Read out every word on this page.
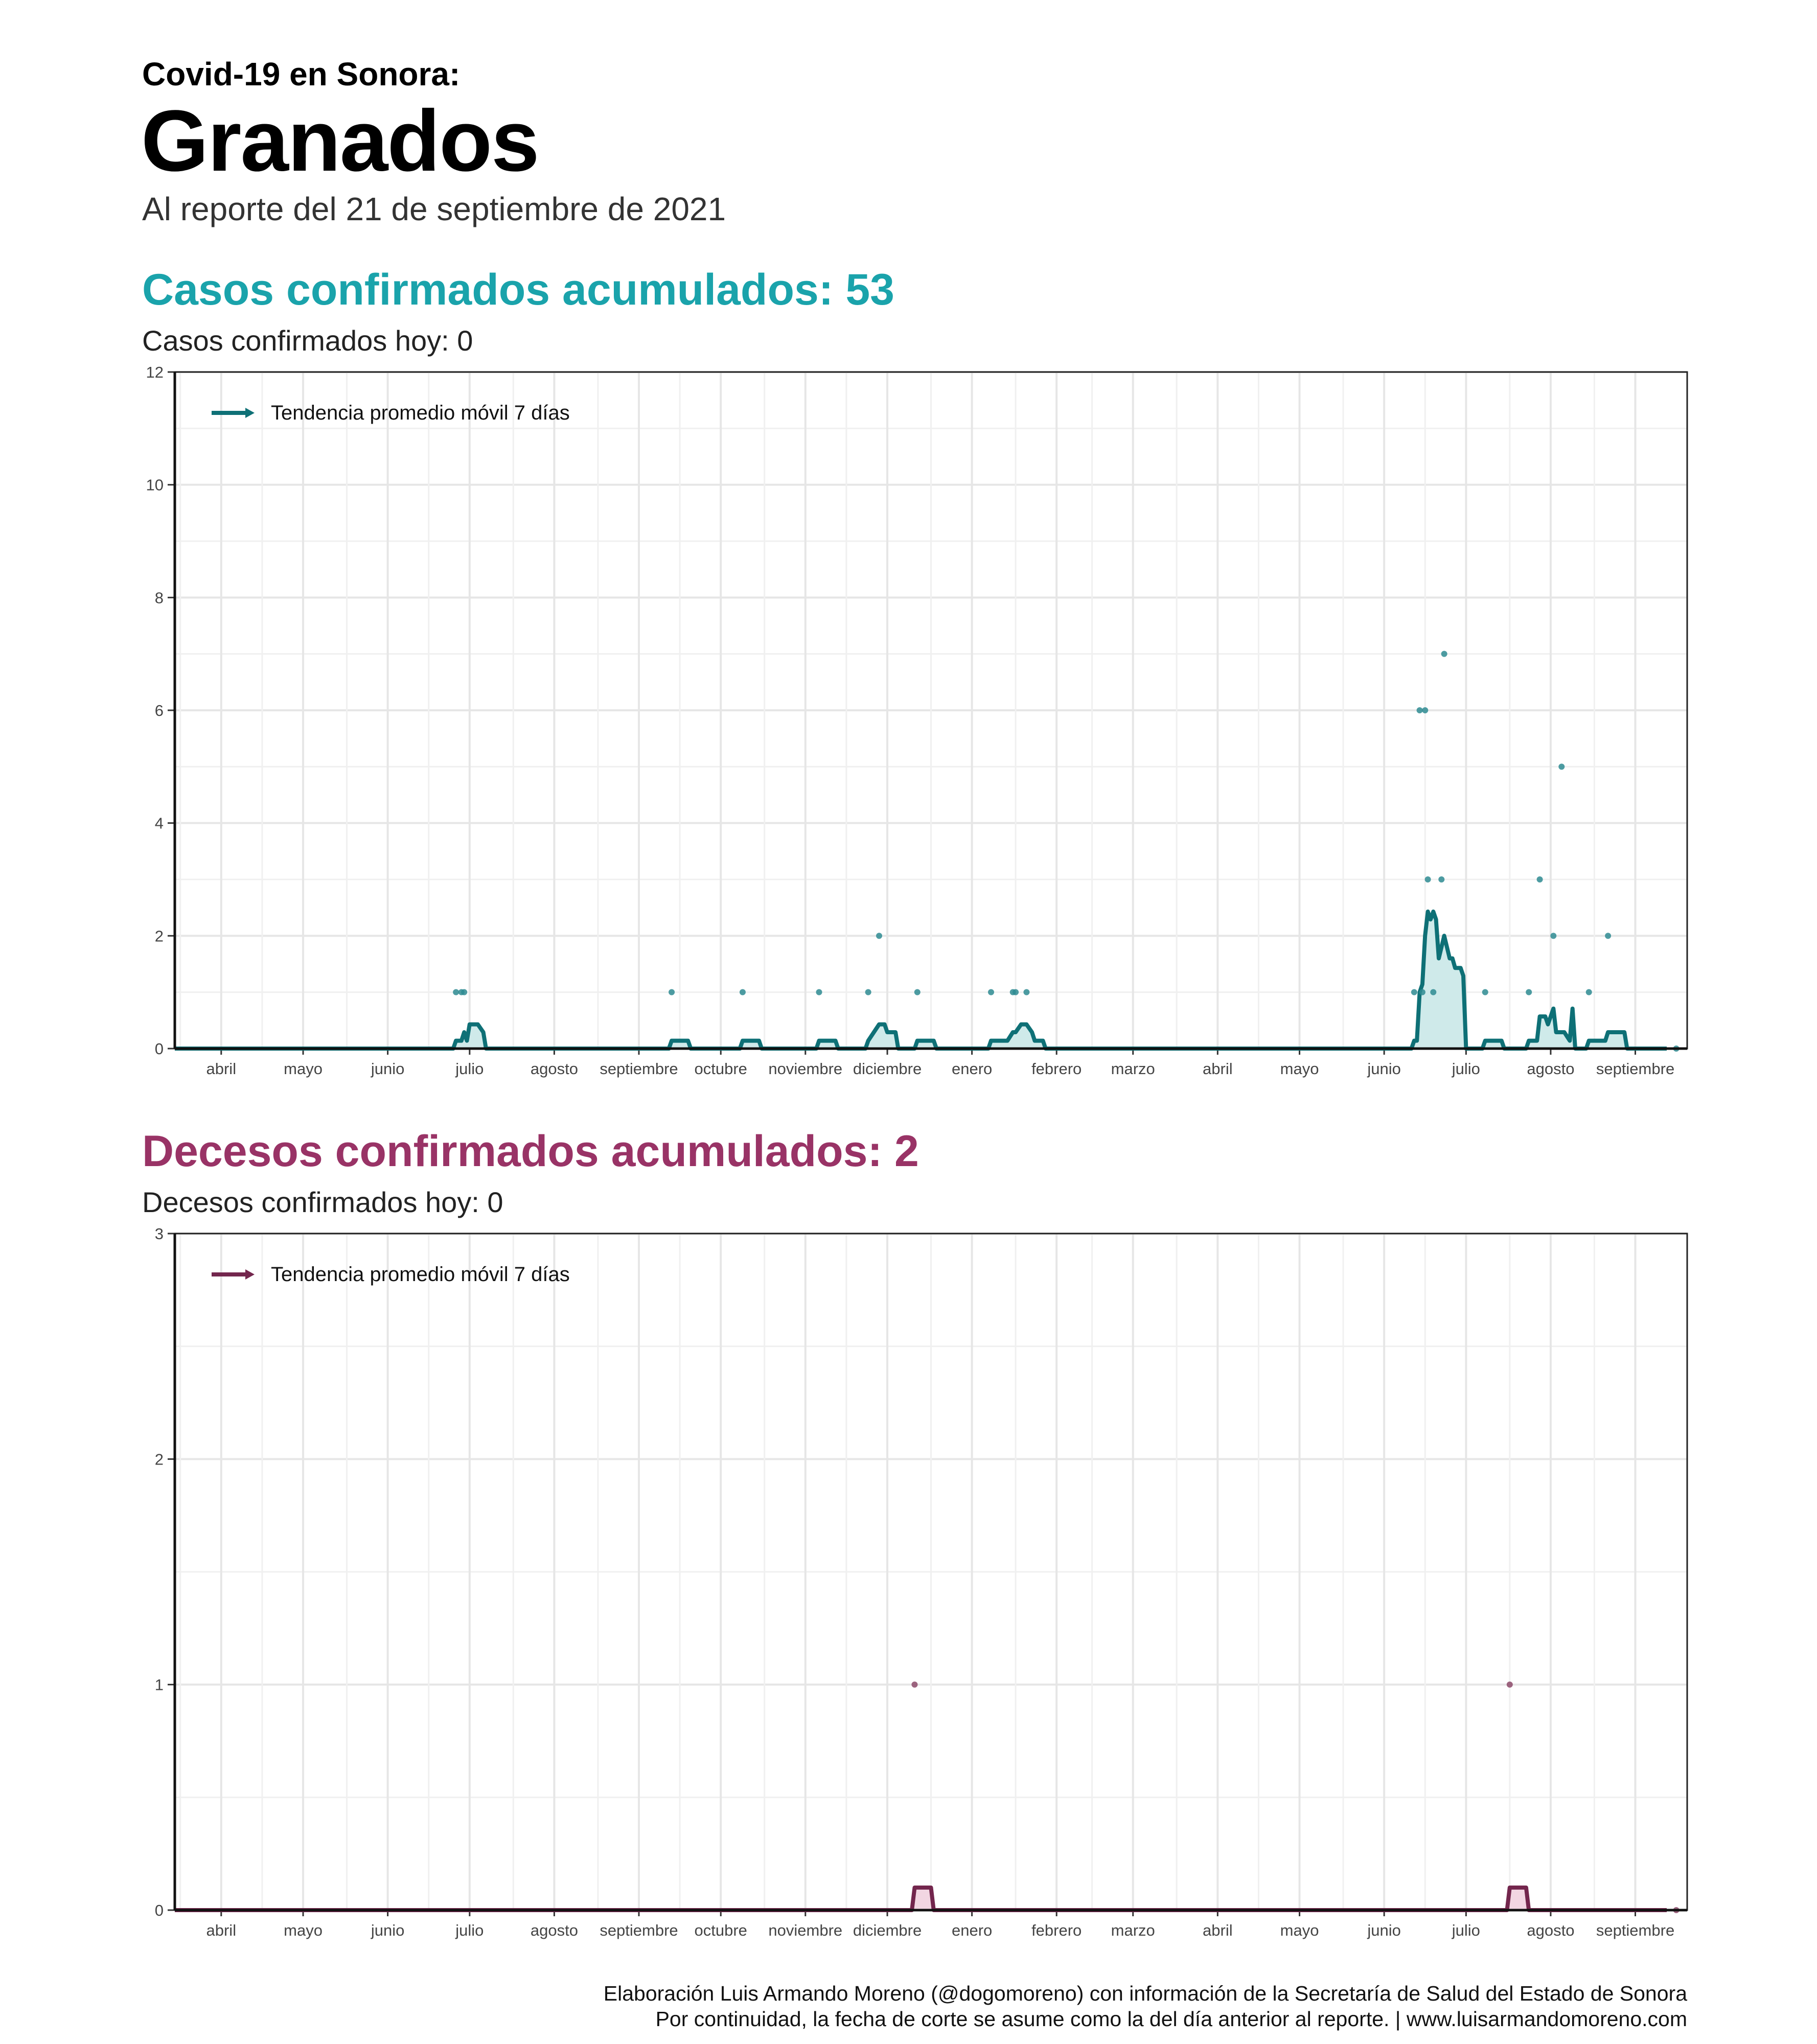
Covid-19 en Sonora:
Granados
Al reporte del 21 de septiembre de 2021
Casos confirmados acumulados: 53
Casos confirmados hoy: 0
0
2
4
6
8
10
12
abril	mayo	junio	julio	agosto septiembre octubre noviembre diciembre enero febrero marzo	abril	mayo	junio	julio	agosto septiembre
Tendencia promedio móvil 7 días
Decesos confirmados acumulados: 2
Decesos confirmados hoy: 0
0
1
2
3
abril	mayo	junio	julio	agosto septiembre octubre noviembre diciembre enero febrero marzo	abril	mayo	junio	julio	agosto septiembre
Tendencia promedio móvil 7 días
Elaboración Luis Armando Moreno (@dogomoreno) con información de la Secretaría de Salud del Estado de Sonora
Por continuidad, la fecha de corte se asume como la del día anterior al reporte. | www.luisarmandomoreno.com
